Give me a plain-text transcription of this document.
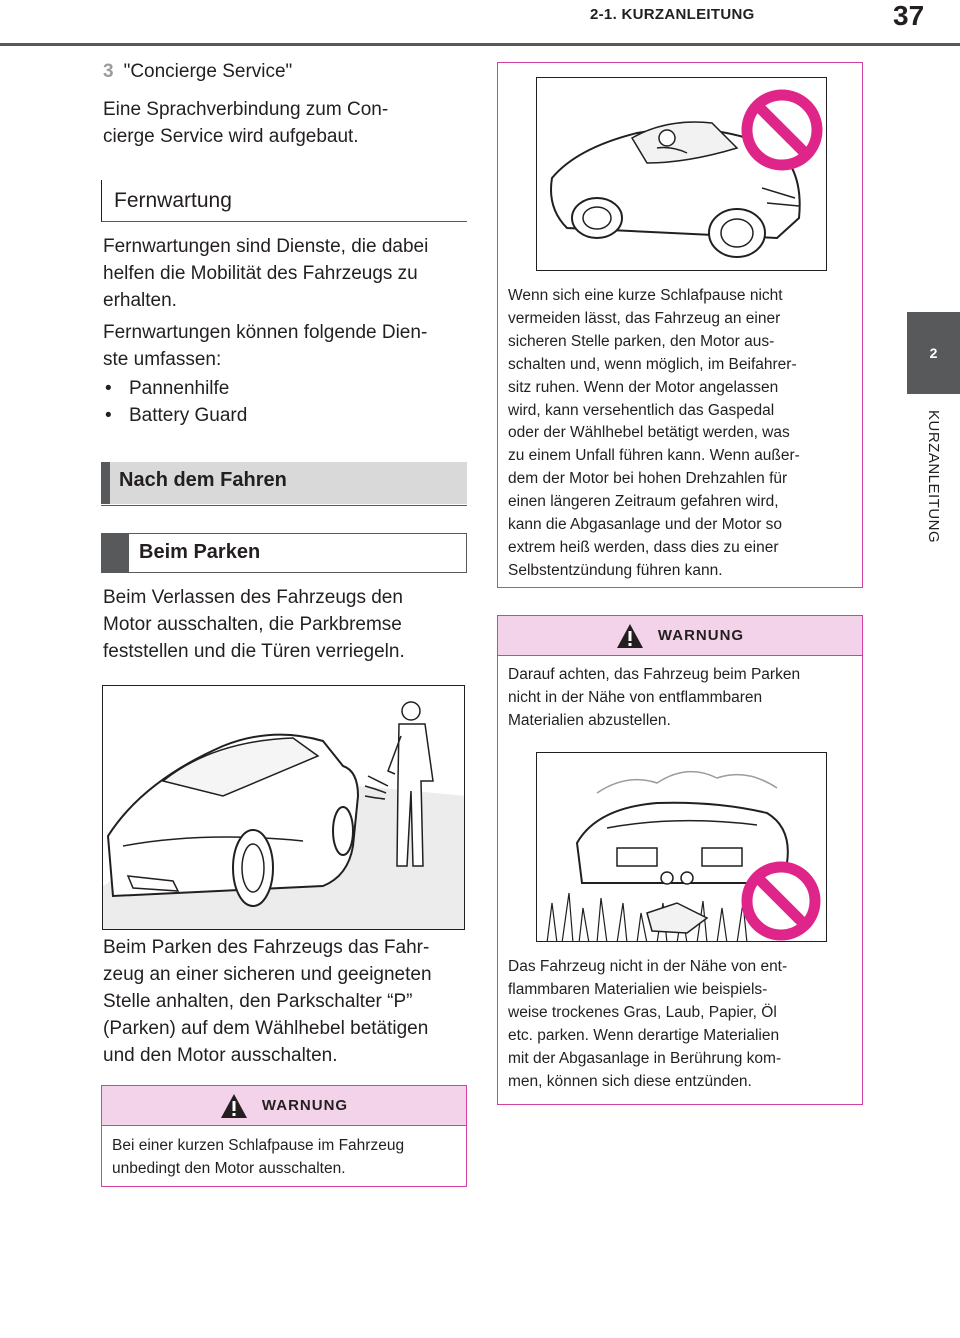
2-1. KURZANLEITUNG	37
2
KURZANLEITUNG
3 "Concierge Service"
Eine Sprachverbindung zum Con-
cierge Service wird aufgebaut.
Fernwartung
Fernwartungen sind Dienste, die dabei
helfen die Mobilität des Fahrzeugs zu
erhalten.
Fernwartungen können folgende Dien-
ste umfassen:
• Pannenhilfe
• Battery Guard
Nach dem Fahren
Beim Parken
Beim Verlassen des Fahrzeugs den
Motor ausschalten, die Parkbremse
feststellen und die Türen verriegeln.
Beim Parken des Fahrzeugs das Fahr-
zeug an einer sicheren und geeigneten
Stelle anhalten, den Parkschalter “P”
(Parken) auf dem Wählhebel betätigen
und den Motor ausschalten.
WARNUNG
Bei einer kurzen Schlafpause im Fahrzeug
unbedingt den Motor ausschalten.
Wenn sich eine kurze Schlafpause nicht
vermeiden lässt, das Fahrzeug an einer
sicheren Stelle parken, den Motor aus-
schalten und, wenn möglich, im Beifahrer-
sitz ruhen. Wenn der Motor angelassen
wird, kann versehentlich das Gaspedal
oder der Wählhebel betätigt werden, was
zu einem Unfall führen kann. Wenn außer-
dem der Motor bei hohen Drehzahlen für
einen längeren Zeitraum gefahren wird,
kann die Abgasanlage und der Motor so
extrem heiß werden, dass dies zu einer
Selbstentzündung führen kann.
WARNUNG
Darauf achten, das Fahrzeug beim Parken
nicht in der Nähe von entflammbaren
Materialien abzustellen.
Das Fahrzeug nicht in der Nähe von ent-
flammbaren Materialien wie beispiels-
weise trockenes Gras, Laub, Papier, Öl
etc. parken. Wenn derartige Materialien
mit der Abgasanlage in Berührung kom-
men, können sich diese entzünden.
